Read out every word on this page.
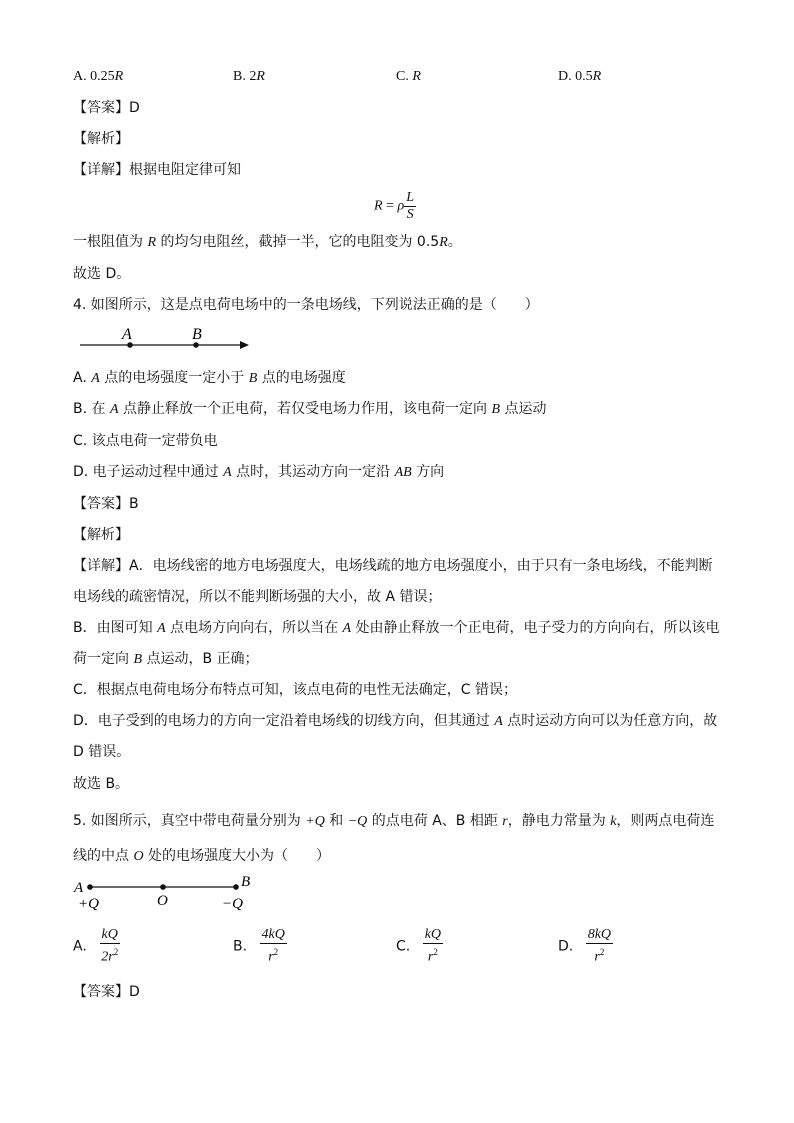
A. 0.25R	B. 2R	C. R	D. 0.5R
【答案】D
【解析】
【详解】根据电阻定律可知
R = ρ $\frac{L}{S}$
一根阻值为 R 的均匀电阻丝，截掉一半，它的电阻变为 0.5R。
故选 D。
4. 如图所示，这是点电荷电场中的一条电场线，下列说法正确的是（　　）
A	B
A. A 点的电场强度一定小于 B 点的电场强度
B. 在 A 点静止释放一个正电荷，若仅受电场力作用，该电荷一定向 B 点运动
C. 该点电荷一定带负电
D. 电子运动过程中通过 A 点时，其运动方向一定沿 AB 方向
【答案】B
【解析】
【详解】A．电场线密的地方电场强度大，电场线疏的地方电场强度小，由于只有一条电场线，不能判断
电场线的疏密情况，所以不能判断场强的大小，故 A 错误；
B．由图可知 A 点电场方向向右，所以当在 A 处由静止释放一个正电荷，电子受力的方向向右，所以该电
荷一定向 B 点运动，B 正确；
C．根据点电荷电场分布特点可知，该点电荷的电性无法确定，C 错误；
D．电子受到的电场力的方向一定沿着电场线的切线方向，但其通过 A 点时运动方向可以为任意方向，故
D 错误。
故选 B。
5. 如图所示，真空中带电荷量分别为 +Q 和 −Q 的点电荷 A、B 相距 r，静电力常量为 k，则两点电荷连
线的中点 O 处的电场强度大小为（　　）
A	B
O
+Q	−Q
A. $\frac{kQ}{2r^2}$	B. $\frac{4kQ}{r^2}$	C. $\frac{kQ}{r^2}$	D. $\frac{8kQ}{r^2}$
【答案】D
